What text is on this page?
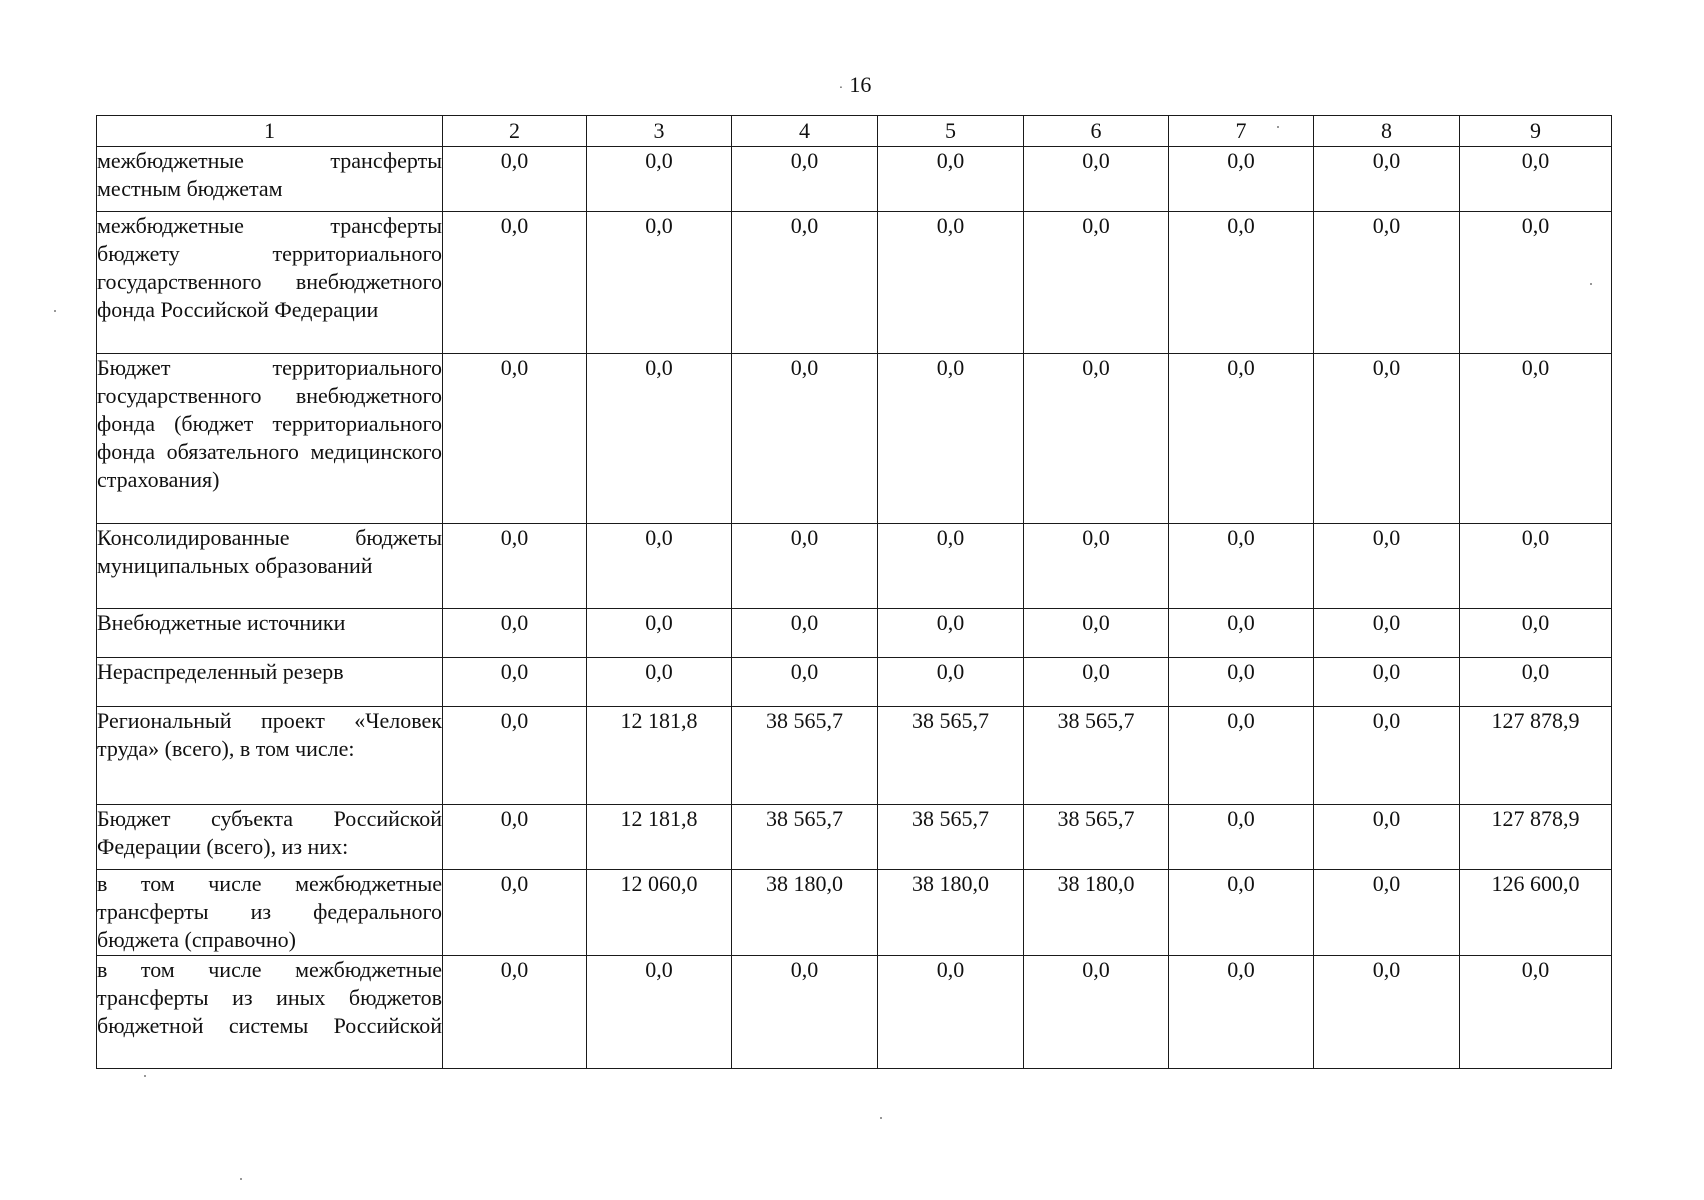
· 16
1	2	3	4	5	6	7	8	9
межбюджетные трансферты местным бюджетам	0,0	0,0	0,0	0,0	0,0	0,0	0,0	0,0
межбюджетные трансферты бюджету территориального государственного внебюджетного фонда Российской Федерации	0,0	0,0	0,0	0,0	0,0	0,0	0,0	0,0
Бюджет территориального государственного внебюджетного фонда (бюджет территориального фонда обязательного медицинского страхования)	0,0	0,0	0,0	0,0	0,0	0,0	0,0	0,0
Консолидированные бюджеты муниципальных образований	0,0	0,0	0,0	0,0	0,0	0,0	0,0	0,0
Внебюджетные источники	0,0	0,0	0,0	0,0	0,0	0,0	0,0	0,0
Нераспределенный резерв	0,0	0,0	0,0	0,0	0,0	0,0	0,0	0,0
Региональный проект «Человек труда» (всего), в том числе:	0,0	12 181,8	38 565,7	38 565,7	38 565,7	0,0	0,0	127 878,9
Бюджет субъекта Российской Федерации (всего), из них:	0,0	12 181,8	38 565,7	38 565,7	38 565,7	0,0	0,0	127 878,9
в том числе межбюджетные трансферты из федерального бюджета (справочно)	0,0	12 060,0	38 180,0	38 180,0	38 180,0	0,0	0,0	126 600,0
в том числе межбюджетные трансферты из иных бюджетов бюджетной системы Российской	0,0	0,0	0,0	0,0	0,0	0,0	0,0	0,0
